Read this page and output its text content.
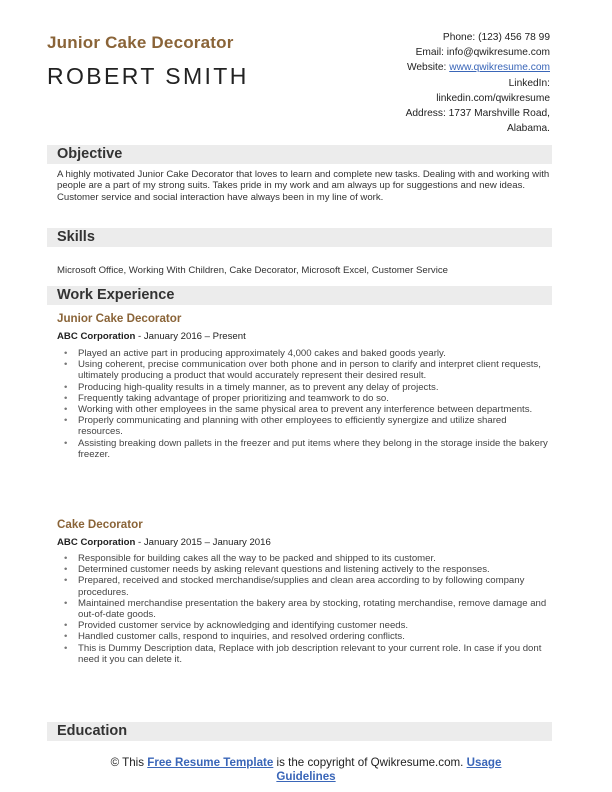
Junior Cake Decorator
ROBERT SMITH
Phone: (123) 456 78 99
Email: info@qwikresume.com
Website: www.qwikresume.com
LinkedIn:
linkedin.com/qwikresume
Address: 1737 Marshville Road,
Alabama.
Objective
A highly motivated Junior Cake Decorator that loves to learn and complete new tasks. Dealing with and working with people are a part of my strong suits. Takes pride in my work and am always up for suggestions and new ideas. Customer service and social interaction have always been in my line of work.
Skills
Microsoft Office, Working With Children, Cake Decorator, Microsoft Excel, Customer Service
Work Experience
Junior Cake Decorator
ABC Corporation - January 2016 – Present
• Played an active part in producing approximately 4,000 cakes and baked goods yearly.
• Using coherent, precise communication over both phone and in person to clarify and interpret client requests, ultimately producing a product that would accurately represent their desired result.
• Producing high-quality results in a timely manner, as to prevent any delay of projects.
• Frequently taking advantage of proper prioritizing and teamwork to do so.
• Working with other employees in the same physical area to prevent any interference between departments.
• Properly communicating and planning with other employees to efficiently synergize and utilize shared resources.
• Assisting breaking down pallets in the freezer and put items where they belong in the storage inside the bakery freezer.
Cake Decorator
ABC Corporation - January 2015 – January 2016
• Responsible for building cakes all the way to be packed and shipped to its customer.
• Determined customer needs by asking relevant questions and listening actively to the responses.
• Prepared, received and stocked merchandise/supplies and clean area according to by following company procedures.
• Maintained merchandise presentation the bakery area by stocking, rotating merchandise, remove damage and out-of-date goods.
• Provided customer service by acknowledging and identifying customer needs.
• Handled customer calls, respond to inquiries, and resolved ordering conflicts.
• This is Dummy Description data, Replace with job description relevant to your current role. In case if you dont need it you can delete it.
Education
© This Free Resume Template is the copyright of Qwikresume.com. Usage Guidelines
